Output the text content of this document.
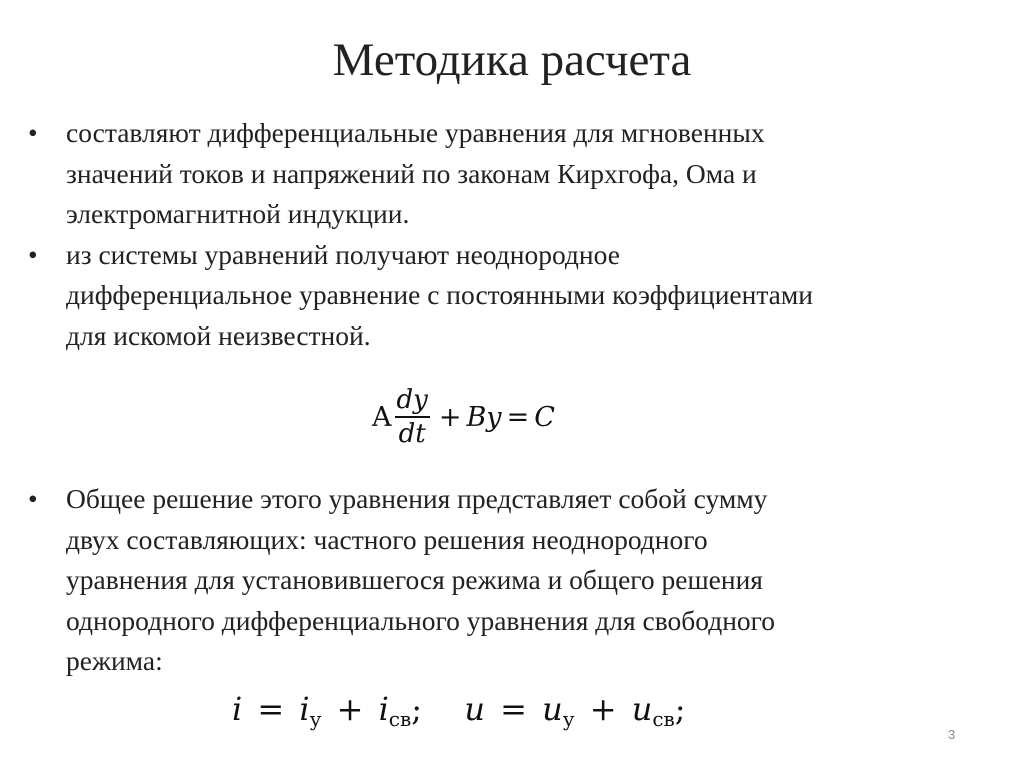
Методика расчета
•	составляют дифференциальные уравнения для мгновенных
значений токов и напряжений по законам Кирхгофа, Ома и
электромагнитной индукции.
•	из системы уравнений получают неоднородное
дифференциальное уравнение с постоянными коэффициентами
для искомой неизвестной.
A $\frac{dy}{dt} + By = C$
•	Общее решение этого уравнения представляет собой сумму
двух составляющих: частного решения неоднородного
уравнения для установившегося режима и общего решения
однородного дифференциального уравнения для свободного
режима:
$i = i_у + i_{св}$; $u = u_у + u_{св}$;
3
